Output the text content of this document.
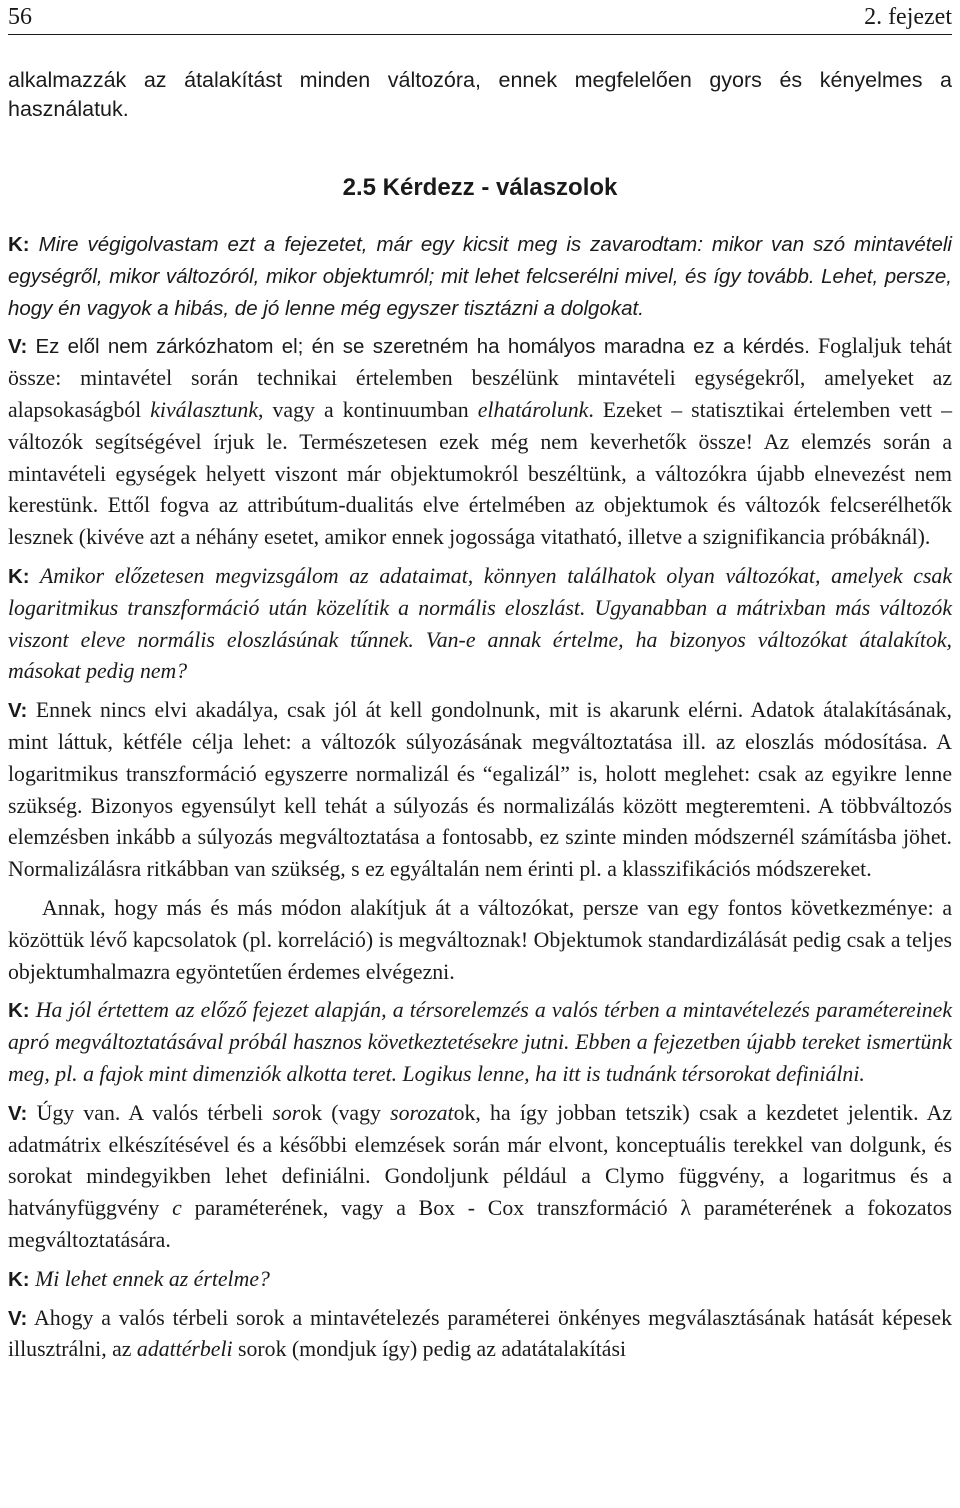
56	2. fejezet
alkalmazzák az átalakítást minden változóra, ennek megfelelően gyors és kényelmes a használatuk.
2.5 Kérdezz - válaszolok

K: Mire végigolvastam ezt a fejezetet, már egy kicsit meg is zavarodtam: mikor van szó mintavételi egységről, mikor változóról, mikor objektumról; mit lehet felcserélni mivel, és így tovább. Lehet, persze, hogy én vagyok a hibás, de jó lenne még egyszer tisztázni a dolgokat.

V: Ez elől nem zárkózhatom el; én se szeretném ha homályos maradna ez a kérdés. Foglaljuk tehát össze: mintavétel során technikai értelemben beszélünk mintavételi egységekről, amelyeket az alapsokaságból kiválasztunk, vagy a kontinuumban elhatárolunk. Ezeket – statisztikai értelemben vett – változók segítségével írjuk le. Természetesen ezek még nem keverhetők össze! Az elemzés során a mintavételi egységek helyett viszont már objektumokról beszéltünk, a változókra újabb elnevezést nem kerestünk. Ettől fogva az attribútum-dualitás elve értelmében az objektumok és változók felcserélhetők lesznek (kivéve azt a néhány esetet, amikor ennek jogossága vitatható, illetve a szignifikancia próbáknál).

K: Amikor előzetesen megvizsgálom az adataimat, könnyen találhatok olyan változókat, amelyek csak logaritmikus transzformáció után közelítik a normális eloszlást. Ugyanabban a mátrixban más változók viszont eleve normális eloszlásúnak tűnnek. Van-e annak értelme, ha bizonyos változókat átalakítok, másokat pedig nem?

V: Ennek nincs elvi akadálya, csak jól át kell gondolnunk, mit is akarunk elérni. Adatok átalakításának, mint láttuk, kétféle célja lehet: a változók súlyozásának megváltoztatása ill. az eloszlás módosítása. A logaritmikus transzformáció egyszerre normalizál és “egalizál” is, holott meglehet: csak az egyikre lenne szükség. Bizonyos egyensúlyt kell tehát a súlyozás és normalizálás között megteremteni. A többváltozós elemzésben inkább a súlyozás megváltoztatása a fontosabb, ez szinte minden módszernél számításba jöhet. Normalizálásra ritkábban van szükség, s ez egyáltalán nem érinti pl. a klasszifikációs módszereket.

Annak, hogy más és más módon alakítjuk át a változókat, persze van egy fontos következménye: a közöttük lévő kapcsolatok (pl. korreláció) is megváltoznak! Objektumok standardizálását pedig csak a teljes objektumhalmazra egyöntetűen érdemes elvégezni.

K: Ha jól értettem az előző fejezet alapján, a térsorelemzés a valós térben a mintavételezés paramétereinek apró megváltoztatásával próbál hasznos következtetésekre jutni. Ebben a fejezetben újabb tereket ismertünk meg, pl. a fajok mint dimenziók alkotta teret. Logikus lenne, ha itt is tudnánk térsorokat definiálni.

V: Úgy van. A valós térbeli sorok (vagy sorozatok, ha így jobban tetszik) csak a kezdetet jelentik. Az adatmátrix elkészítésével és a későbbi elemzések során már elvont, konceptuális terekkel van dolgunk, és sorokat mindegyikben lehet definiálni. Gondoljunk például a Clymo függvény, a logaritmus és a hatványfüggvény c paraméterének, vagy a Box - Cox transzformáció λ paraméterének a fokozatos megváltoztatására.

K: Mi lehet ennek az értelme?

V: Ahogy a valós térbeli sorok a mintavételezés paraméterei önkényes megválasztásának hatását képesek illusztrálni, az adattérbeli sorok (mondjuk így) pedig az adatátalakítási
